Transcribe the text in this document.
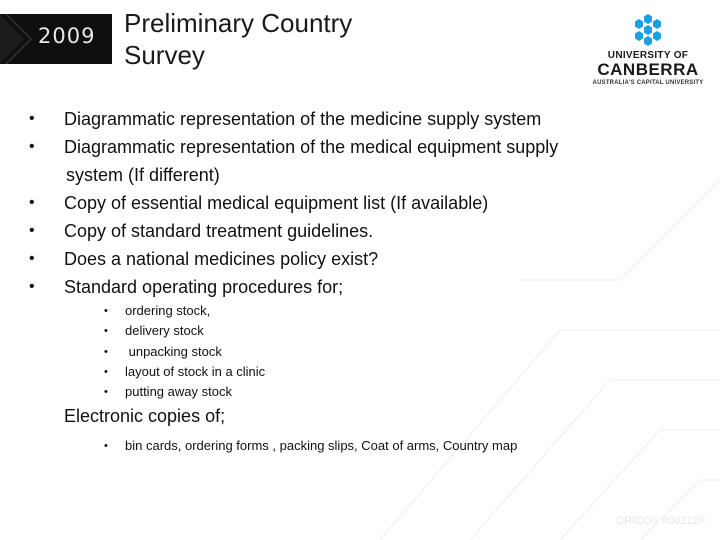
2009 Preliminary Country
Survey	UNIVERSITY OF
CANBERRA
AUSTRALIA'S CAPITAL UNIVERSITY
• Diagrammatic representation of the medicine supply system
• Diagrammatic representation of the medical equipment supply
system (If different)
• Copy of essential medical equipment list (If available)
• Copy of standard treatment guidelines.
• Does a national medicines policy exist?
• Standard operating procedures for;
• ordering stock,
• delivery stock
• unpacking stock
• layout of stock in a clinic
• putting away stock
Electronic copies of;
• bin cards, ordering forms , packing slips, Coat of arms, Country map
CRICOS #00212K
